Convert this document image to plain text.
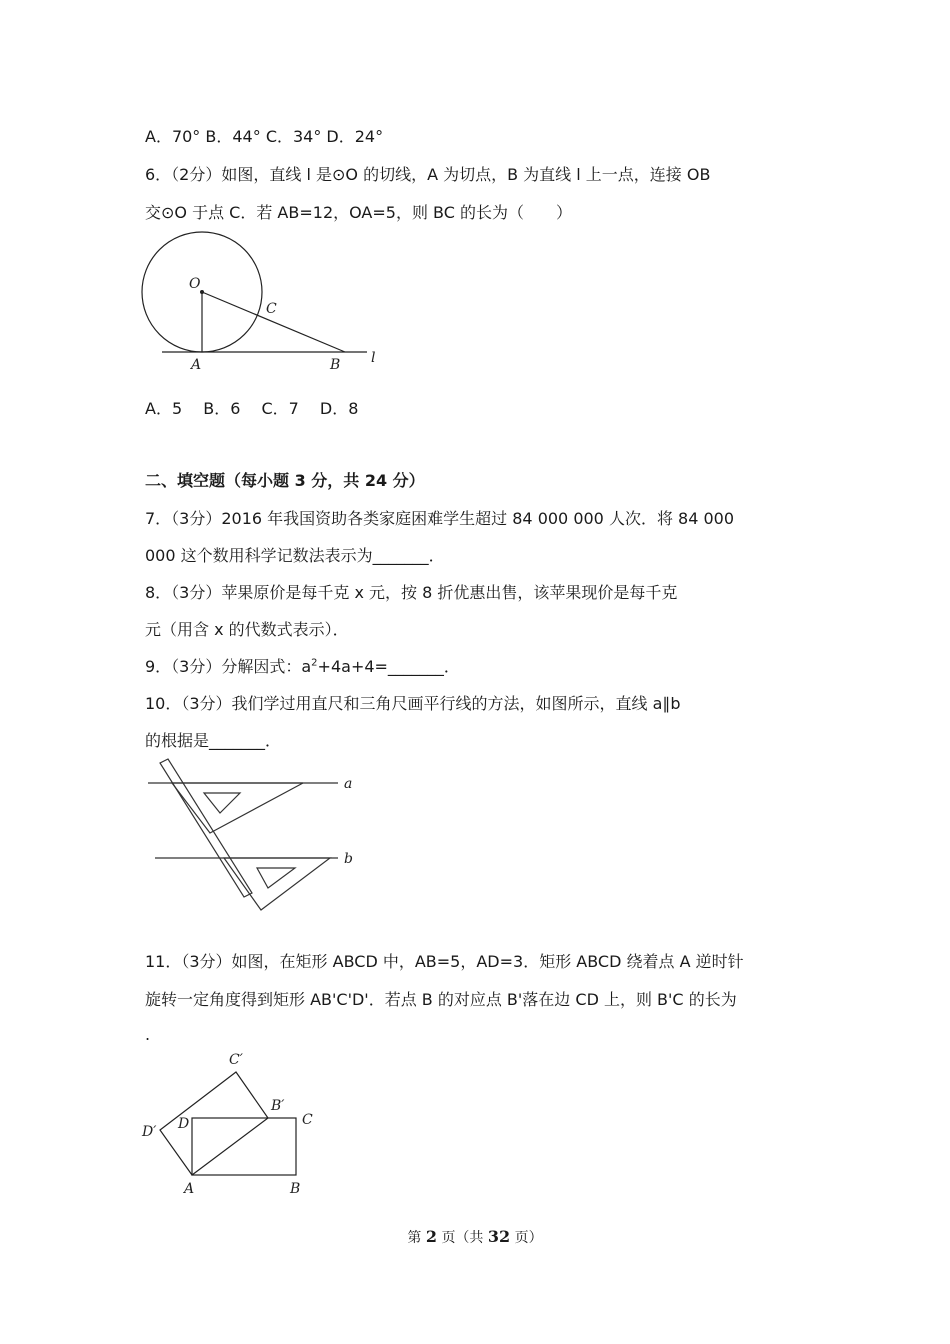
A．70° B．44° C．34° D．24°
6．（2分）如图，直线 l 是⊙O 的切线，A 为切点，B 为直线 l 上一点，连接 OB
交⊙O 于点 C．若 AB=12，OA=5，则 BC 的长为（　　）
O
C
A	B l
A．5　 B．6　 C．7　 D．8
二、填空题（每小题 3 分，共 24 分）
7．（3分）2016 年我国资助各类家庭困难学生超过 84 000 000 人次．将 84 000
000 这个数用科学记数法表示为_______．
8．（3分）苹果原价是每千克 x 元，按 8 折优惠出售，该苹果现价是每千克
元（用含 x 的代数式表示）．
9．（3分）分解因式：$a^2+4a+4=\_\_\_\_\_\_\_$．
10．（3分）我们学过用直尺和三角尺画平行线的方法，如图所示，直线 a∥b
的根据是_______．
a
b
11．（3分）如图，在矩形 ABCD 中，AB=5，AD=3．矩形 ABCD 绕着点 A 逆时针
旋转一定角度得到矩形 AB'C'D'．若点 B 的对应点 B'落在边 CD 上，则 B'C 的长为
.
C′
B′
C
D′ D
A	B
第 2 页（共 32 页）
